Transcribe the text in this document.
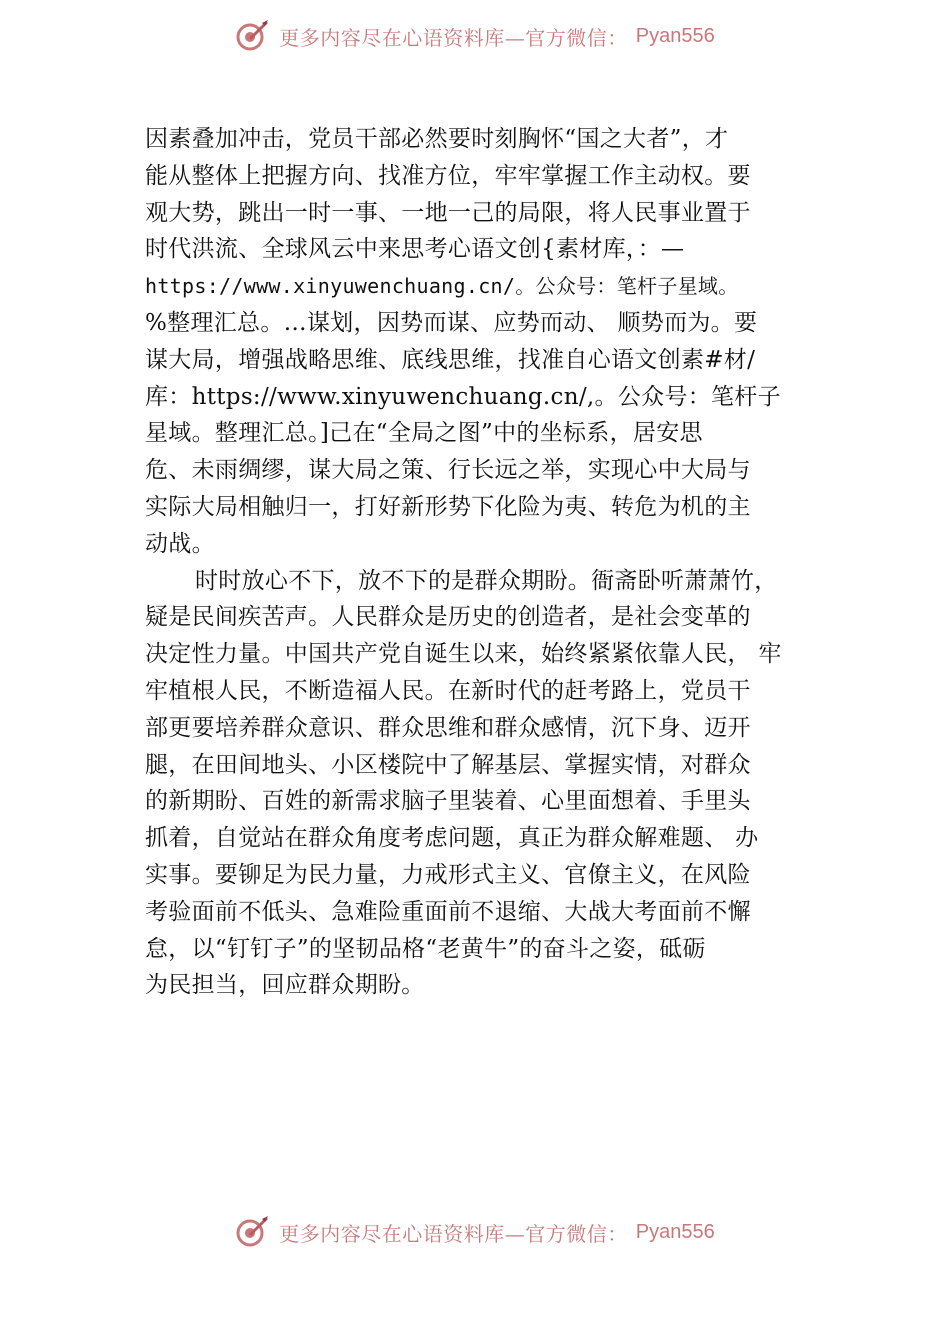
更多内容尽在心语资料库—官方微信： Pyan556
因素叠加冲击，党员干部必然要时刻胸怀“国之大者”，才
能从整体上把握方向、找准方位，牢牢掌握工作主动权。要
观大势，跳出一时一事、一地一己的局限，将人民事业置于
时代洪流、全球风云中来思考心语文创{素材库，：—
https://www.xinyuwenchuang.cn/。公众号：笔杆子星域。
%整理汇总。…谋划，因势而谋、应势而动、 顺势而为。要
谋大局，增强战略思维、底线思维，找准自心语文创素#材/
库：https://www.xinyuwenchuang.cn/,。公众号：笔杆子
星域。整理汇总。]己在“全局之图”中的坐标系，居安思
危、未雨绸缪，谋大局之策、行长远之举，实现心中大局与
实际大局相触归一，打好新形势下化险为夷、转危为机的主
动战。
时时放心不下，放不下的是群众期盼。衙斋卧听萧萧竹，
疑是民间疾苦声。人民群众是历史的创造者，是社会变革的
决定性力量。中国共产党自诞生以来，始终紧紧依靠人民， 牢
牢植根人民，不断造福人民。在新时代的赶考路上，党员干
部更要培养群众意识、群众思维和群众感情，沉下身、迈开
腿，在田间地头、小区楼院中了解基层、掌握实情，对群众
的新期盼、百姓的新需求脑子里装着、心里面想着、手里头
抓着，自觉站在群众角度考虑问题，真正为群众解难题、 办
实事。要铆足为民力量，力戒形式主义、官僚主义，在风险
考验面前不低头、急难险重面前不退缩、大战大考面前不懈
怠，以“钉钉子”的坚韧品格“老黄牛”的奋斗之姿，砥砺
为民担当，回应群众期盼。
更多内容尽在心语资料库—官方微信： Pyan556
